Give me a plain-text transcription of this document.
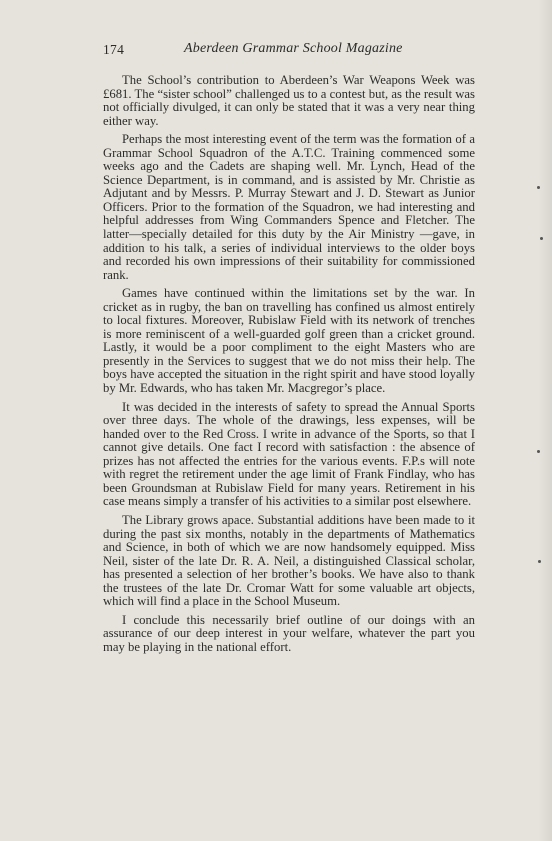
174	Aberdeen Grammar School Magazine

The School’s contribution to Aberdeen’s War Weapons Week was £681. The “sister school” challenged us to a contest but, as the result was not officially divulged, it can only be stated that it was a very near thing either way.

Perhaps the most interesting event of the term was the formation of a Grammar School Squadron of the A.T.C. Training commenced some weeks ago and the Cadets are shaping well. Mr. Lynch, Head of the Science Department, is in command, and is assisted by Mr. Christie as Adjutant and by Messrs. P. Murray Stewart and J. D. Stewart as Junior Officers. Prior to the formation of the Squadron, we had interesting and helpful addresses from Wing Commanders Spence and Fletcher. The latter—specially detailed for this duty by the Air Ministry —gave, in addition to his talk, a series of individual interviews to the older boys and recorded his own impressions of their suitability for commissioned rank.

Games have continued within the limitations set by the war. In cricket as in rugby, the ban on travelling has confined us almost entirely to local fixtures. Moreover, Rubislaw Field with its network of trenches is more reminiscent of a well-guarded golf green than a cricket ground. Lastly, it would be a poor compliment to the eight Masters who are presently in the Services to suggest that we do not miss their help. The boys have accepted the situation in the right spirit and have stood loyally by Mr. Edwards, who has taken Mr. Macgregor’s place.

It was decided in the interests of safety to spread the Annual Sports over three days. The whole of the drawings, less expenses, will be handed over to the Red Cross. I write in advance of the Sports, so that I cannot give details. One fact I record with satisfaction : the absence of prizes has not affected the entries for the various events. F.P.s will note with regret the retirement under the age limit of Frank Findlay, who has been Groundsman at Rubislaw Field for many years. Retirement in his case means simply a transfer of his activities to a similar post elsewhere.

The Library grows apace. Substantial additions have been made to it during the past six months, notably in the departments of Mathematics and Science, in both of which we are now handsomely equipped. Miss Neil, sister of the late Dr. R. A. Neil, a distinguished Classical scholar, has presented a selection of her brother’s books. We have also to thank the trustees of the late Dr. Cromar Watt for some valuable art objects, which will find a place in the School Museum.

I conclude this necessarily brief outline of our doings with an assurance of our deep interest in your welfare, whatever the part you may be playing in the national effort.
